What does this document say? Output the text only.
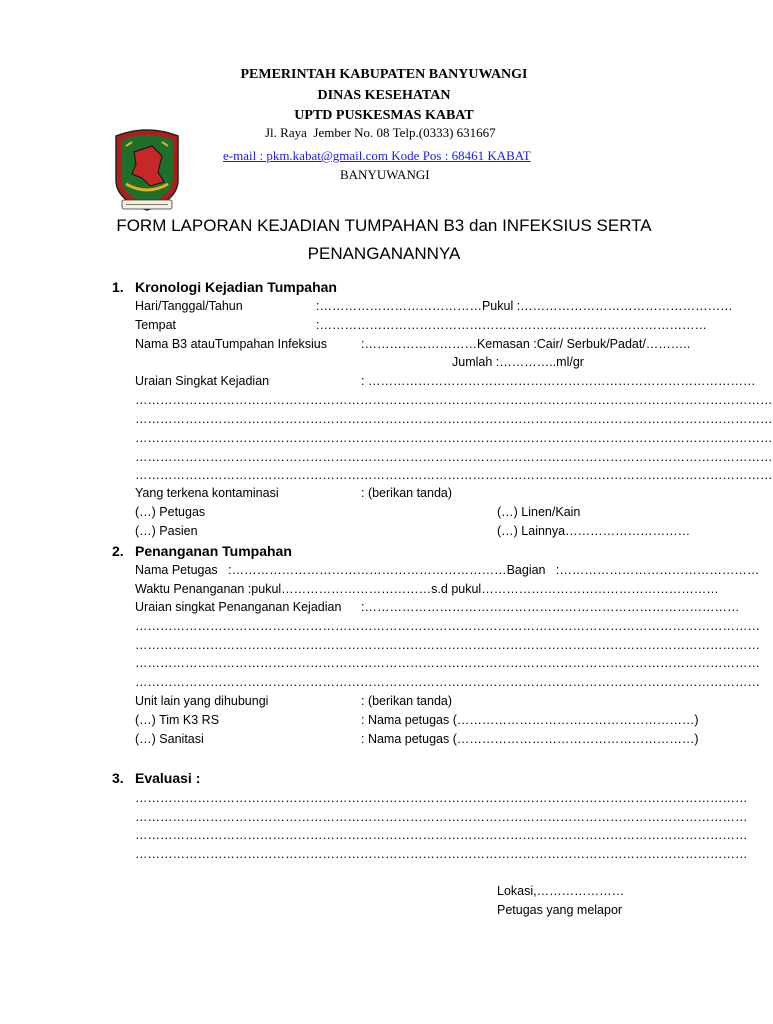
PEMERINTAH KABUPATEN BANYUWANGI
DINAS KESEHATAN
UPTD PUSKESMAS KABAT
Jl. Raya  Jember No. 08 Telp.(0333) 631667
e-mail : pkm.kabat@gmail.com Kode Pos : 68461 KABAT
BANYUWANGI
FORM LAPORAN KEJADIAN TUMPAHAN B3 dan INFEKSIUS SERTA
PENANGANANNYA
1. Kronologi Kejadian Tumpahan
Hari/Tanggal/Tahun	:…………………………………Pukul :……………………………………………
Tempat	:…………………………………………………………………………………
Nama B3 atauTumpahan Infeksius	:………………………Kemasan :Cair/ Serbuk/Padat/………..
Jumlah :…………..ml/gr
Uraian Singkat Kejadian	: …………………………………………………………………………………
………………………………………………………………………………………………………………………………………
………………………………………………………………………………………………………………………………………
………………………………………………………………………………………………………………………………………
………………………………………………………………………………………………………………………………………
………………………………………………………………………………………………………………………………………
Yang terkena kontaminasi	: (berikan tanda)
(…) Petugas	(…) Linen/Kain
(…) Pasien	(…) Lainnya…………………………
2. Penanganan Tumpahan
Nama Petugas   :…………………………………………………………Bagian   :…………………………………………
Waktu Penanganan :pukul………………………………s.d pukul…………………………………………………
Uraian singkat Penanganan Kejadian :………………………………………………………………………………
……………………………………………………………………………………………………………………………………
……………………………………………………………………………………………………………………………………
……………………………………………………………………………………………………………………………………
……………………………………………………………………………………………………………………………………
Unit lain yang dihubungi	: (berikan tanda)
(…) Tim K3 RS	: Nama petugas (…………………………………………………)
(…) Sanitasi	: Nama petugas (…………………………………………………)
3. Evaluasi :
…………………………………………………………………………………………………………………………………
…………………………………………………………………………………………………………………………………
…………………………………………………………………………………………………………………………………
…………………………………………………………………………………………………………………………………
Lokasi,…………………
Petugas yang melapor
